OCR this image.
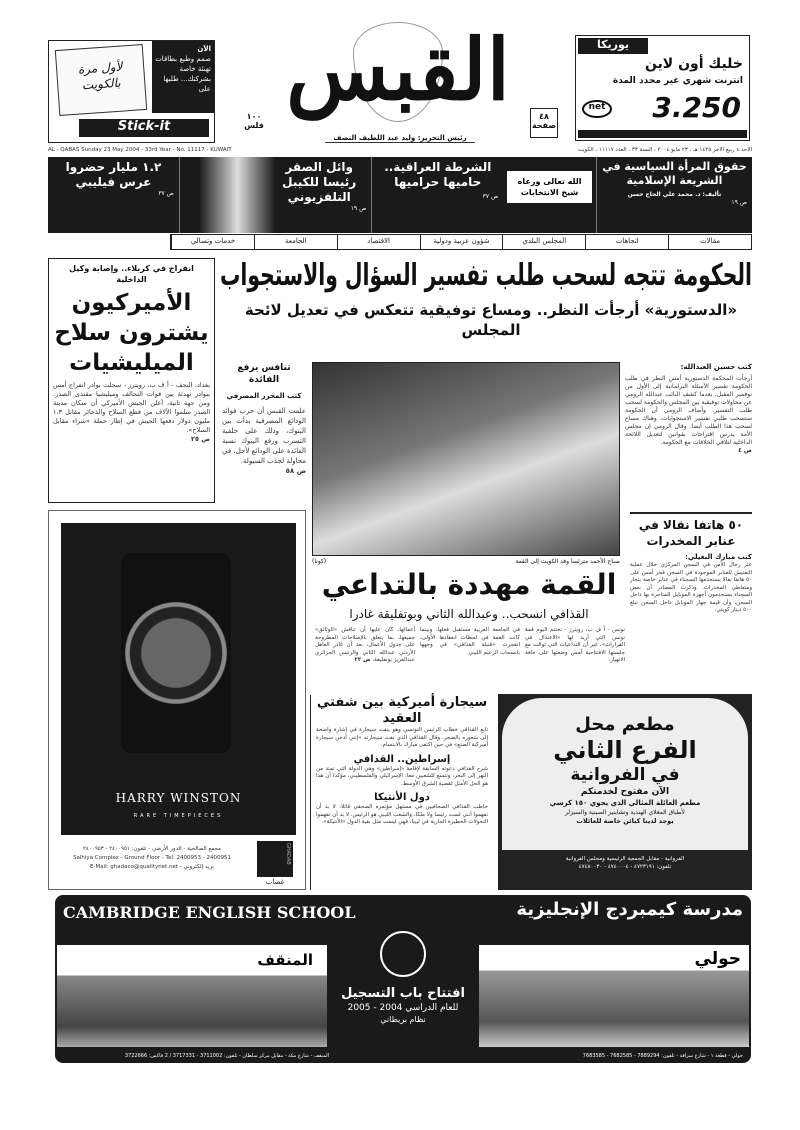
الآن
صمم وطبع بطاقات تهنئة خاصة بشركتك... طلبها على
لأول مرة بالكويت
Stick-it
AL - QABAS Sunday 23 May 2004 - 33rd Year - No. 11117 - KUWAIT
القبس	٤٨ صفحة
١٠٠ فلس
رئيس التحرير: وليد عبد اللطيف النصف
يوريكا
خليك أون لاين
انترنت شهري غير محدد المدة
3.250
net
الأحد ٤ ربيع الآخر ١٤٢٥ هـ ، ٢٣ مايو ٢٠٠٤ ، السنة ٣٣ ، العدد ١١١١٧ ، الكويت
حقوق المرأة السياسية في الشريعة الإسلامية
تأليف: د. محمد علي الحاج حسن
ص ١٩
الله تعالى ورعاه شيخ الانتخابات
الشرطة العراقية.. حاميها حراميها
ص ٣٧
وائل الصقر رئيسا للكيبل التلفزيوني
ص ١٩
١.٢ مليار حضروا عرس فيليبي
ص ٣٧
مقالات
اتجاهات
المجلس البلدي
شؤون عربية ودولية
الاقتصاد
الجامعة
خدمات وتسالي
الحكومة تتجه لسحب طلب تفسير السؤال والاستجواب
«الدستورية» أرجأت النظر.. ومساع توفيقية تتعكس في تعديل لائحة المجلس
انفراج في كربلاء.. وإصابة وكيل الداخلية
الأميركيون يشترون سلاح الميليشيات
بغداد، النجف - أ ف ب، رويترز - سجلت بوادر انفراج أمس ببوادر تهدئة بين قوات التحالف وميليشيا مقتدى الصدر. ومن جهة ثانية، أعلن الجيش الأميركي أن سكان مدينة الصدر سلموا الآلاف من قطع السلاح والذخائر مقابل ١.٣ مليون دولار دفعها الجيش في إطار حملة «شراء مقابل السلاح».
ص ٢٥
تنافس يرفع الفائدة
كتب المحرر المصرفي
علمت القبس أن حرب فوائد الودائع المصرفية بدأت بين البنوك، وذلك على خلفية التسرب ورفع البنوك نسبة الفائدة على الودائع لأجل، في محاولة لجذب السيولة.
ص ٥٨
صباح الأحمد مترئسا وفد الكويت إلى القمة
(كونا)
كتب حسين العبدالله:
أرجأت المحكمة الدستورية أمس النظر في طلب الحكومة تفسير الأسئلة البرلمانية إلى الأول من نوفمبر المقبل، بعدما كشف النائب عبدالله الرومي عن محاولات توفيقية بين المجلس والحكومة لسحب طلب التفسير. وأضاف الرومي أن الحكومة ستسحب طلبي تفسير الاستجوابات، وهناك مساع لسحب هذا الطلب أيضا. وقال الرومي إن مجلس الأمة يدرس اقتراحات بقوانين لتعديل اللائحة الداخلية لتلافي الخلافات مع الحكومة.
ص ٤
٥٠ هاتفا نقالا في عنابر المخدرات
كتب مبارك البغيلي:
عثر رجال الأمن في السجن المركزي خلال عملية التفتيش للعنابر الموجودة في السجن فجر أمس على ٥٠ هاتفا نقالا يستخدمها السجناء في عنابر خاصة بتجار ومتعاطي المخدرات. وذكرت المصادر أن بعض السجناء يستخدمون أجهزة الموبايل للمتاجرة بها داخل السجن، وأن قيمة جهاز الموبايل داخل السجن تبلغ ٥٠٠ دينار كويتي.
القمة مهددة بالتداعي
القذافي انسحب.. وعبدالله الثاني وبوتفليقة غادرا
تونس - أ ف ب، رويترز - تختتم اليوم قمة تونس التي أريد لها «الاعتدال في القرارات»، غير أن التداعيات التي توالت مع جلستها الافتتاحية أمس وضعتها على حافة الانهيار.
في الجامعة العربية مستقبل فعلها. وبينما كانت القمة في لحظات انعقادها الأولى، انفجرت «قنبلة القذافي» في وجهها بانسحاب الزعيم الليبي.
أعمالها، كان عليها أن تناقش «الوثائق» جميعها، بما يتعلق بالإصلاحات المطروحة على جدول الأعمال، بعد أن غادر العاهل الأردني عبدالله الثاني والرئيس الجزائري عبدالعزيز بوتفليقة. ص ٢٣
سيجارة أميركية بين شفتي العقيد
تابع القذافي خطاب الرئيس التونسي وهو ينفث سيجارة في إشارة واضحة إلى شعوره بالضجر. وقال القذافي الذي نفث سيجارته «إنني أدخن سيجارة أميركية الصنع» في حين اكتفى مبارك بالابتسام.
إسراطين.. القذافي
شرح القذافي دعوته السابقة لإقامة «إسراطين» وهي الدولة التي تمتد من النهر إلى البحر، وتتسع للشعبين معا: الإسرائيلي والفلسطيني، مؤكدا أن هذا هو الحل الأمثل لقضية الشرق الأوسط.
دول الأنتيكا
خاطب القذافي الصحافيين في مستهل مؤتمره الصحفي قائلا: لا بد أن تفهموا أنني لست رئيسا ولا ملكا، والشعب الليبي هو الرئيس. لا بد أن تفهموا التحولات الخطيرة الجارية في ليبيا، فهي ليست مثل بقية الدول «الأنتيكة».
HARRY WINSTON
RARE TIMEPIECES
GHADAB
غضاب
مجمع الصالحية - الدور الأرضي - تلفون: ٢٤٠٠٩٥١ - ٢٤٠٠٩٥٣
Salhiya Complex - Ground Floor - Tel: 2400953 - 2400951
E-Mail: ghadaco@qualitynet.net - بريد إلكتروني
مطعم محل
الفرع الثاني
في الفروانية
الآن مفتوح لخدمتكم
مطعم العائلة المثالي الذي يحوي ١٥٠ كرسي
لأطباق المغلاي الهندية وتشاينيز الصينية والسيزلر
يوجد لدينا كبائن خاصة للعائلات
الفروانية - مقابل الجمعية الرئيسية ومجلس الفروانية
تلفون: ٤٧٢٣١٩١ - ٤٧٤٠٠٠٤ - ٤٧٤٨٠٠٣٠
CAMBRIDGE ENGLISH SCHOOL	مدرسة كيمبردج الإنجليزية
المنقف	حولي
افتتاح باب التسجيل
للعام الدراسي 2004 - 2005
نظام بريطاني
المنقف - شارع مكة - مقابل مركز سلطان - تلفون: 3711002 - 3717331 / 2 فاكس: 3722666	حولي - قطعة ١ - شارع سراقة - تلفون: 7889294 - 7682585 - 7683585
